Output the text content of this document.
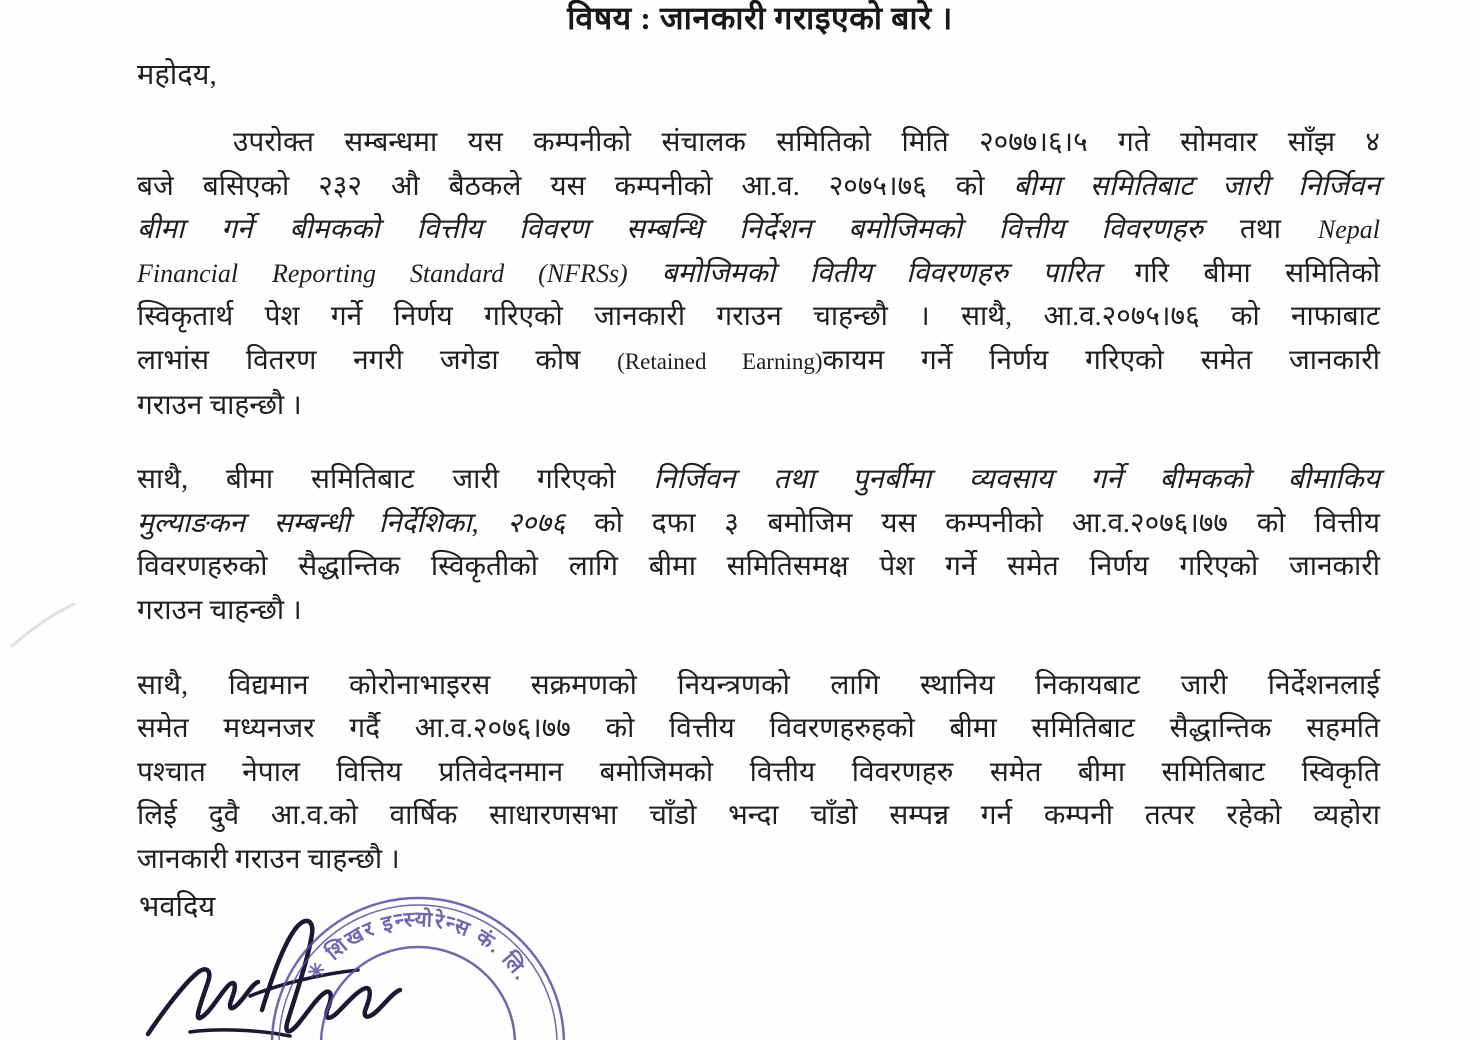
विषय : जानकारी गराइएको बारे ।
महोदय,
उपरोक्त सम्बन्धमा यस कम्पनीको संचालक समितिको मिति २०७७।६।५ गते सोमवार साँझ ४
बजे बसिएको २३२ औ बैठकले यस कम्पनीको आ.व. २०७५।७६ को बीमा समितिबाट जारी निर्जिवन
बीमा गर्ने बीमकको वित्तीय विवरण सम्बन्धि निर्देशन बमोजिमको वित्तीय विवरणहरु तथा Nepal
Financial Reporting Standard (NFRSs) बमोजिमको वितीय विवरणहरु पारित गरि बीमा समितिको
स्विकृतार्थ पेश गर्ने निर्णय गरिएको जानकारी गराउन चाहन्छौ । साथै, आ.व.२०७५।७६ को नाफाबाट
लाभांस वितरण नगरी जगेडा कोष (Retained Earning)कायम गर्ने निर्णय गरिएको समेत जानकारी
गराउन चाहन्छौ ।
साथै, बीमा समितिबाट जारी गरिएको निर्जिवन तथा पुनर्बीमा व्यवसाय गर्ने बीमकको बीमाकिय
मुल्याङकन सम्बन्धी निर्देशिका, २०७६ को दफा ३ बमोजिम यस कम्पनीको आ.व.२०७६।७७ को वित्तीय
विवरणहरुको सैद्धान्तिक स्विकृतीको लागि बीमा समितिसमक्ष पेश गर्ने समेत निर्णय गरिएको जानकारी
गराउन चाहन्छौ ।
साथै, विद्यमान कोरोनाभाइरस सक्रमणको नियन्त्रणको लागि स्थानिय निकायबाट जारी निर्देशनलाई
समेत मध्यनजर गर्दै आ.व.२०७६।७७ को वित्तीय विवरणहरुहको बीमा समितिबाट सैद्धान्तिक सहमति
पश्चात नेपाल वित्तिय प्रतिवेदनमान बमोजिमको वित्तीय विवरणहरु समेत बीमा समितिबाट स्विकृति
लिई दुवै आ.व.को वार्षिक साधारणसभा चाँडो भन्दा चाँडो सम्पन्न गर्न कम्पनी तत्पर रहेको व्यहोरा
जानकारी गराउन चाहन्छौ ।
भवदिय
✳ शिखर इन्स्योरेन्स कं. लि.
